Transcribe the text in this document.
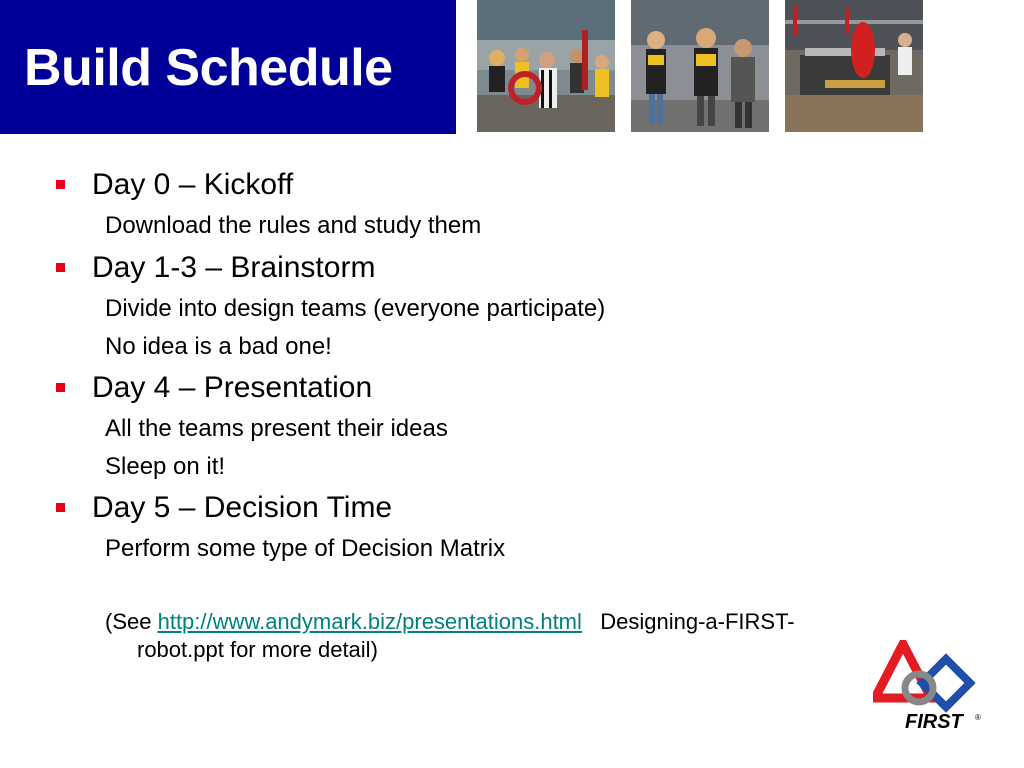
Build Schedule
Day 0 – Kickoff
Download the rules and study them
Day 1-3 – Brainstorm
Divide into design teams (everyone participate)
No idea is a bad one!
Day 4 – Presentation
All the teams present their ideas
Sleep on it!
Day 5 – Decision Time
Perform some type of Decision Matrix
(See http://www.andymark.biz/presentations.html Designing-a-FIRST-
robot.ppt for more detail)
FIRST ®
